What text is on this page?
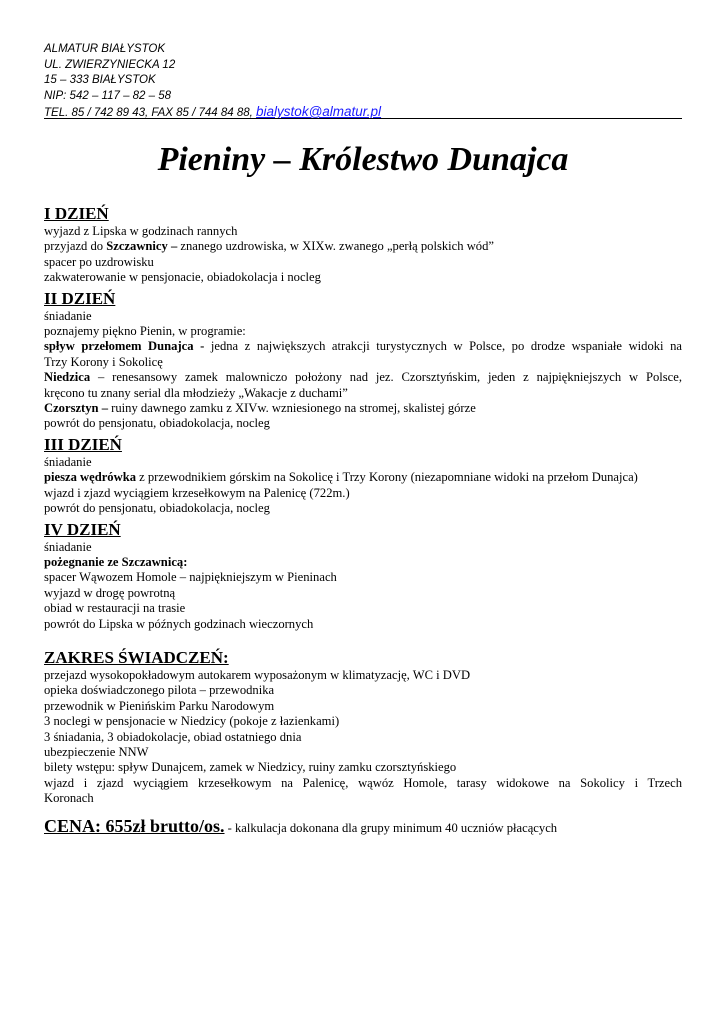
ALMATUR BIAŁYSTOK
UL. ZWIERZYNIECKA 12
15 – 333 BIAŁYSTOK
NIP: 542 – 117 – 82 – 58
TEL. 85 / 742 89 43, FAX 85 / 744 84 88, bialystok@almatur.pl
Pieniny – Królestwo Dunajca
I DZIEŃ
wyjazd z Lipska w godzinach rannych
przyjazd do Szczawnicy – znanego uzdrowiska, w XIXw. zwanego „perłą polskich wód”
spacer po uzdrowisku
zakwaterowanie w pensjonacie, obiadokolacja i nocleg
II DZIEŃ
śniadanie
poznajemy piękno Pienin, w programie:
spływ przełomem Dunajca - jedna z największych atrakcji turystycznych w Polsce, po drodze wspaniałe widoki na
Trzy Korony i Sokolicę
Niedzica – renesansowy zamek malowniczo położony nad jez. Czorsztyńskim, jeden z najpiękniejszych w Polsce,
kręcono tu znany serial dla młodzieży „Wakacje z duchami”
Czorsztyn – ruiny dawnego zamku z XIVw. wzniesionego na stromej, skalistej górze
powrót do pensjonatu, obiadokolacja, nocleg
III DZIEŃ
śniadanie
piesza wędrówka z przewodnikiem górskim na Sokolicę i Trzy Korony (niezapomniane widoki na przełom Dunajca)
wjazd i zjazd wyciągiem krzesełkowym na Palenicę (722m.)
powrót do pensjonatu, obiadokolacja, nocleg
IV DZIEŃ
śniadanie
pożegnanie ze Szczawnicą:
spacer Wąwozem Homole – najpiękniejszym w Pieninach
wyjazd w drogę powrotną
obiad w restauracji na trasie
powrót do Lipska w późnych godzinach wieczornych
ZAKRES ŚWIADCZEŃ:
przejazd wysokopokładowym autokarem wyposażonym w klimatyzację, WC i DVD
opieka doświadczonego pilota – przewodnika
przewodnik w Pienińskim Parku Narodowym
3 noclegi w pensjonacie w Niedzicy (pokoje z łazienkami)
3 śniadania, 3 obiadokolacje, obiad ostatniego dnia
ubezpieczenie NNW
bilety wstępu: spływ Dunajcem, zamek w Niedzicy, ruiny zamku czorsztyńskiego
wjazd i zjazd wyciągiem krzesełkowym na Palenicę, wąwóz Homole, tarasy widokowe na Sokolicy i Trzech
Koronach
CENA: 655zł brutto/os. - kalkulacja dokonana dla grupy minimum 40 uczniów płacących
